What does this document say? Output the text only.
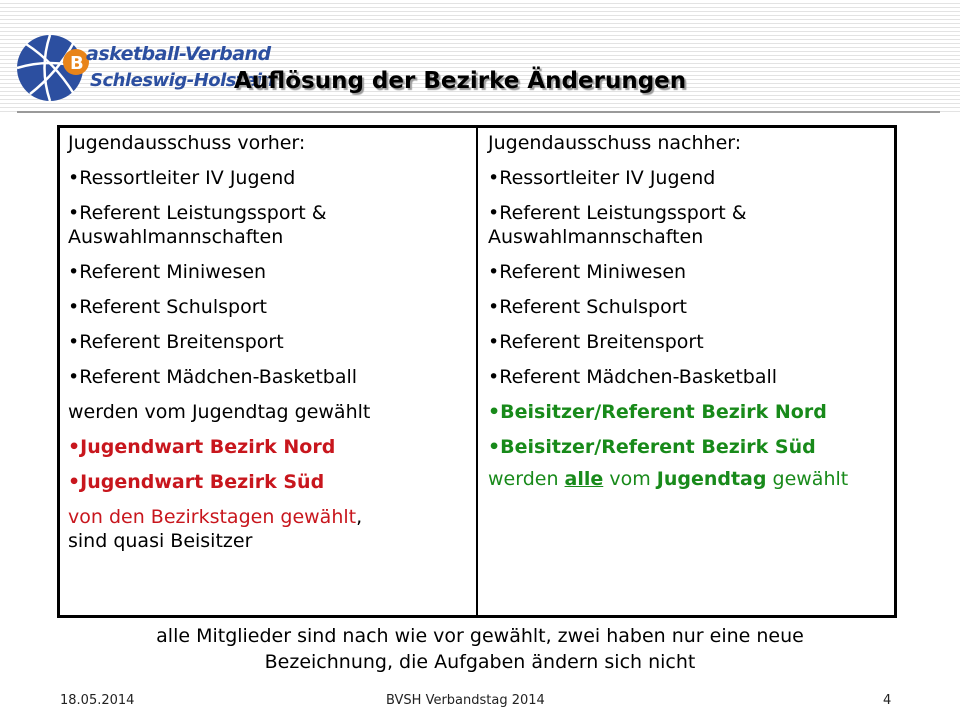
B asketball-Verband
Schleswig-Holstein
Auflösung der Bezirke Änderungen
Jugendausschuss vorher:
• Ressortleiter IV Jugend
• Referent Leistungssport & Auswahlmannschaften
• Referent Miniwesen
• Referent Schulsport
• Referent Breitensport
• Referent Mädchen-Basketball
werden vom Jugendtag gewählt
• Jugendwart Bezirk Nord
• Jugendwart Bezirk Süd
von den Bezirkstagen gewählt,
sind quasi Beisitzer
Jugendausschuss nachher:
• Ressortleiter IV Jugend
• Referent Leistungssport & Auswahlmannschaften
• Referent Miniwesen
• Referent Schulsport
• Referent Breitensport
• Referent Mädchen-Basketball
• Beisitzer/Referent Bezirk Nord
• Beisitzer/Referent Bezirk Süd
werden alle vom Jugendtag gewählt
alle Mitglieder sind nach wie vor gewählt, zwei haben nur eine neue Bezeichnung, die Aufgaben ändern sich nicht
18.05.2014	BVSH Verbandstag 2014	4
